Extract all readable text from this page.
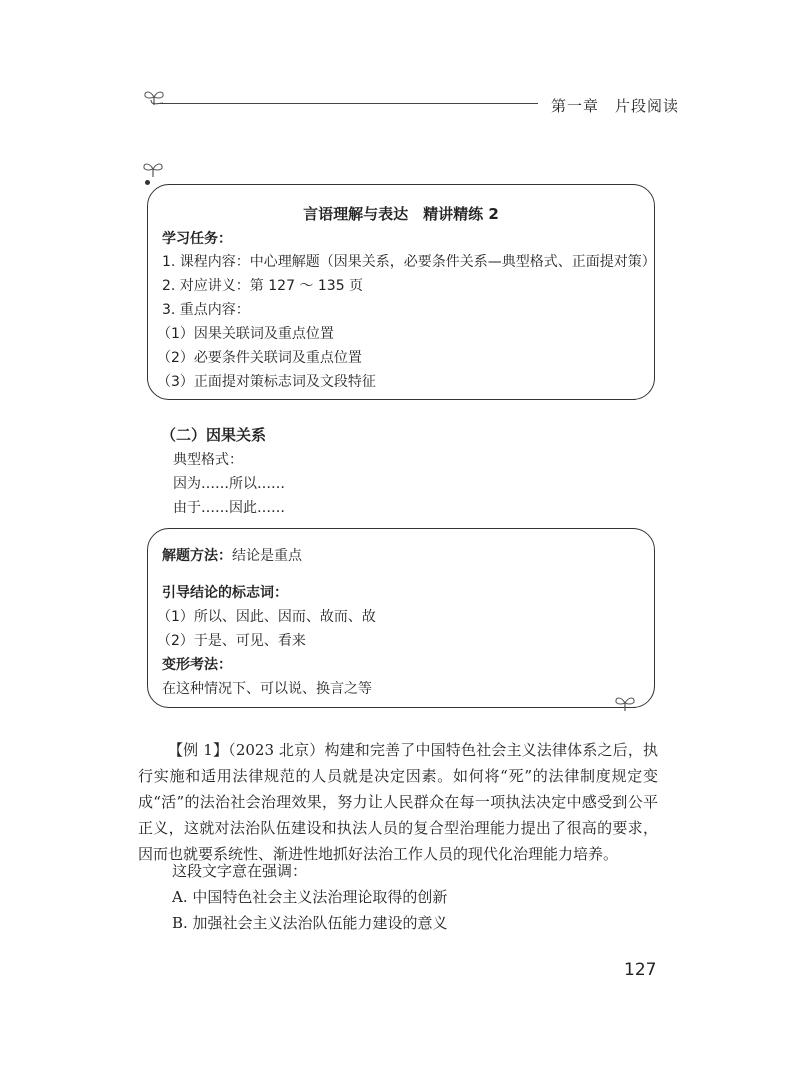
第一章　片段阅读
言语理解与表达　精讲精练 2
学习任务：
1. 课程内容：中心理解题（因果关系，必要条件关系—典型格式、正面提对策）
2. 对应讲义：第 127 ～ 135 页
3. 重点内容：
（1）因果关联词及重点位置
（2）必要条件关联词及重点位置
（3）正面提对策标志词及文段特征
（二）因果关系
典型格式：
因为……所以……
由于……因此……
解题方法：结论是重点
引导结论的标志词：
（1）所以、因此、因而、故而、故
（2）于是、可见、看来
变形考法：
在这种情况下、可以说、换言之等
【例 1】（2023 北京）构建和完善了中国特色社会主义法律体系之后，执行实施和适用法律规范的人员就是决定因素。如何将“死”的法律制度规定变成“活”的法治社会治理效果，努力让人民群众在每一项执法决定中感受到公平正义，这就对法治队伍建设和执法人员的复合型治理能力提出了很高的要求，因而也就要系统性、渐进性地抓好法治工作人员的现代化治理能力培养。
这段文字意在强调：
A. 中国特色社会主义法治理论取得的创新
B. 加强社会主义法治队伍能力建设的意义
127
